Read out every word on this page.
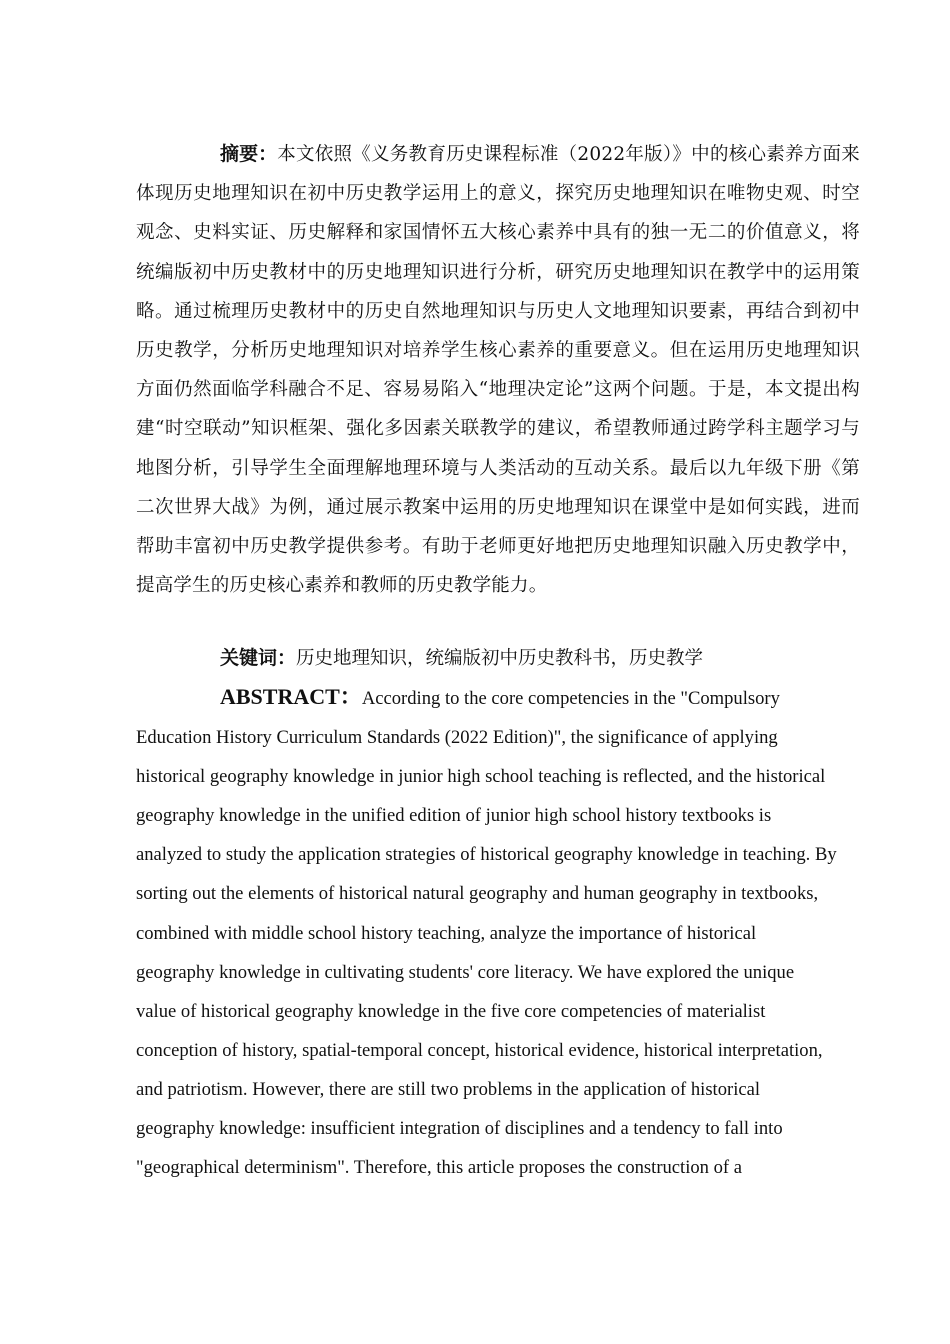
摘要：本文依照《义务教育历史课程标准（2022年版）》中的核心素养方面来体现历史地理知识在初中历史教学运用上的意义，探究历史地理知识在唯物史观、时空观念、史料实证、历史解释和家国情怀五大核心素养中具有的独一无二的价值意义，将统编版初中历史教材中的历史地理知识进行分析，研究历史地理知识在教学中的运用策略。通过梳理历史教材中的历史自然地理知识与历史人文地理知识要素，再结合到初中历史教学，分析历史地理知识对培养学生核心素养的重要意义。但在运用历史地理知识方面仍然面临学科融合不足、容易易陷入“地理决定论”这两个问题。于是，本文提出构建“时空联动”知识框架、强化多因素关联教学的建议，希望教师通过跨学科主题学习与地图分析，引导学生全面理解地理环境与人类活动的互动关系。最后以九年级下册《第二次世界大战》为例，通过展示教案中运用的历史地理知识在课堂中是如何实践，进而帮助丰富初中历史教学提供参考。有助于老师更好地把历史地理知识融入历史教学中，提高学生的历史核心素养和教师的历史教学能力。

关键词：历史地理知识，统编版初中历史教科书，历史教学

ABSTRACT：According to the core competencies in the "Compulsory
Education History Curriculum Standards (2022 Edition)", the significance of applying
historical geography knowledge in junior high school teaching is reflected, and the historical
geography knowledge in the unified edition of junior high school history textbooks is
analyzed to study the application strategies of historical geography knowledge in teaching. By
sorting out the elements of historical natural geography and human geography in textbooks,
combined with middle school history teaching, analyze the importance of historical
geography knowledge in cultivating students' core literacy. We have explored the unique
value of historical geography knowledge in the five core competencies of materialist
conception of history, spatial-temporal concept, historical evidence, historical interpretation,
and patriotism. However, there are still two problems in the application of historical
geography knowledge: insufficient integration of disciplines and a tendency to fall into
"geographical determinism". Therefore, this article proposes the construction of a
